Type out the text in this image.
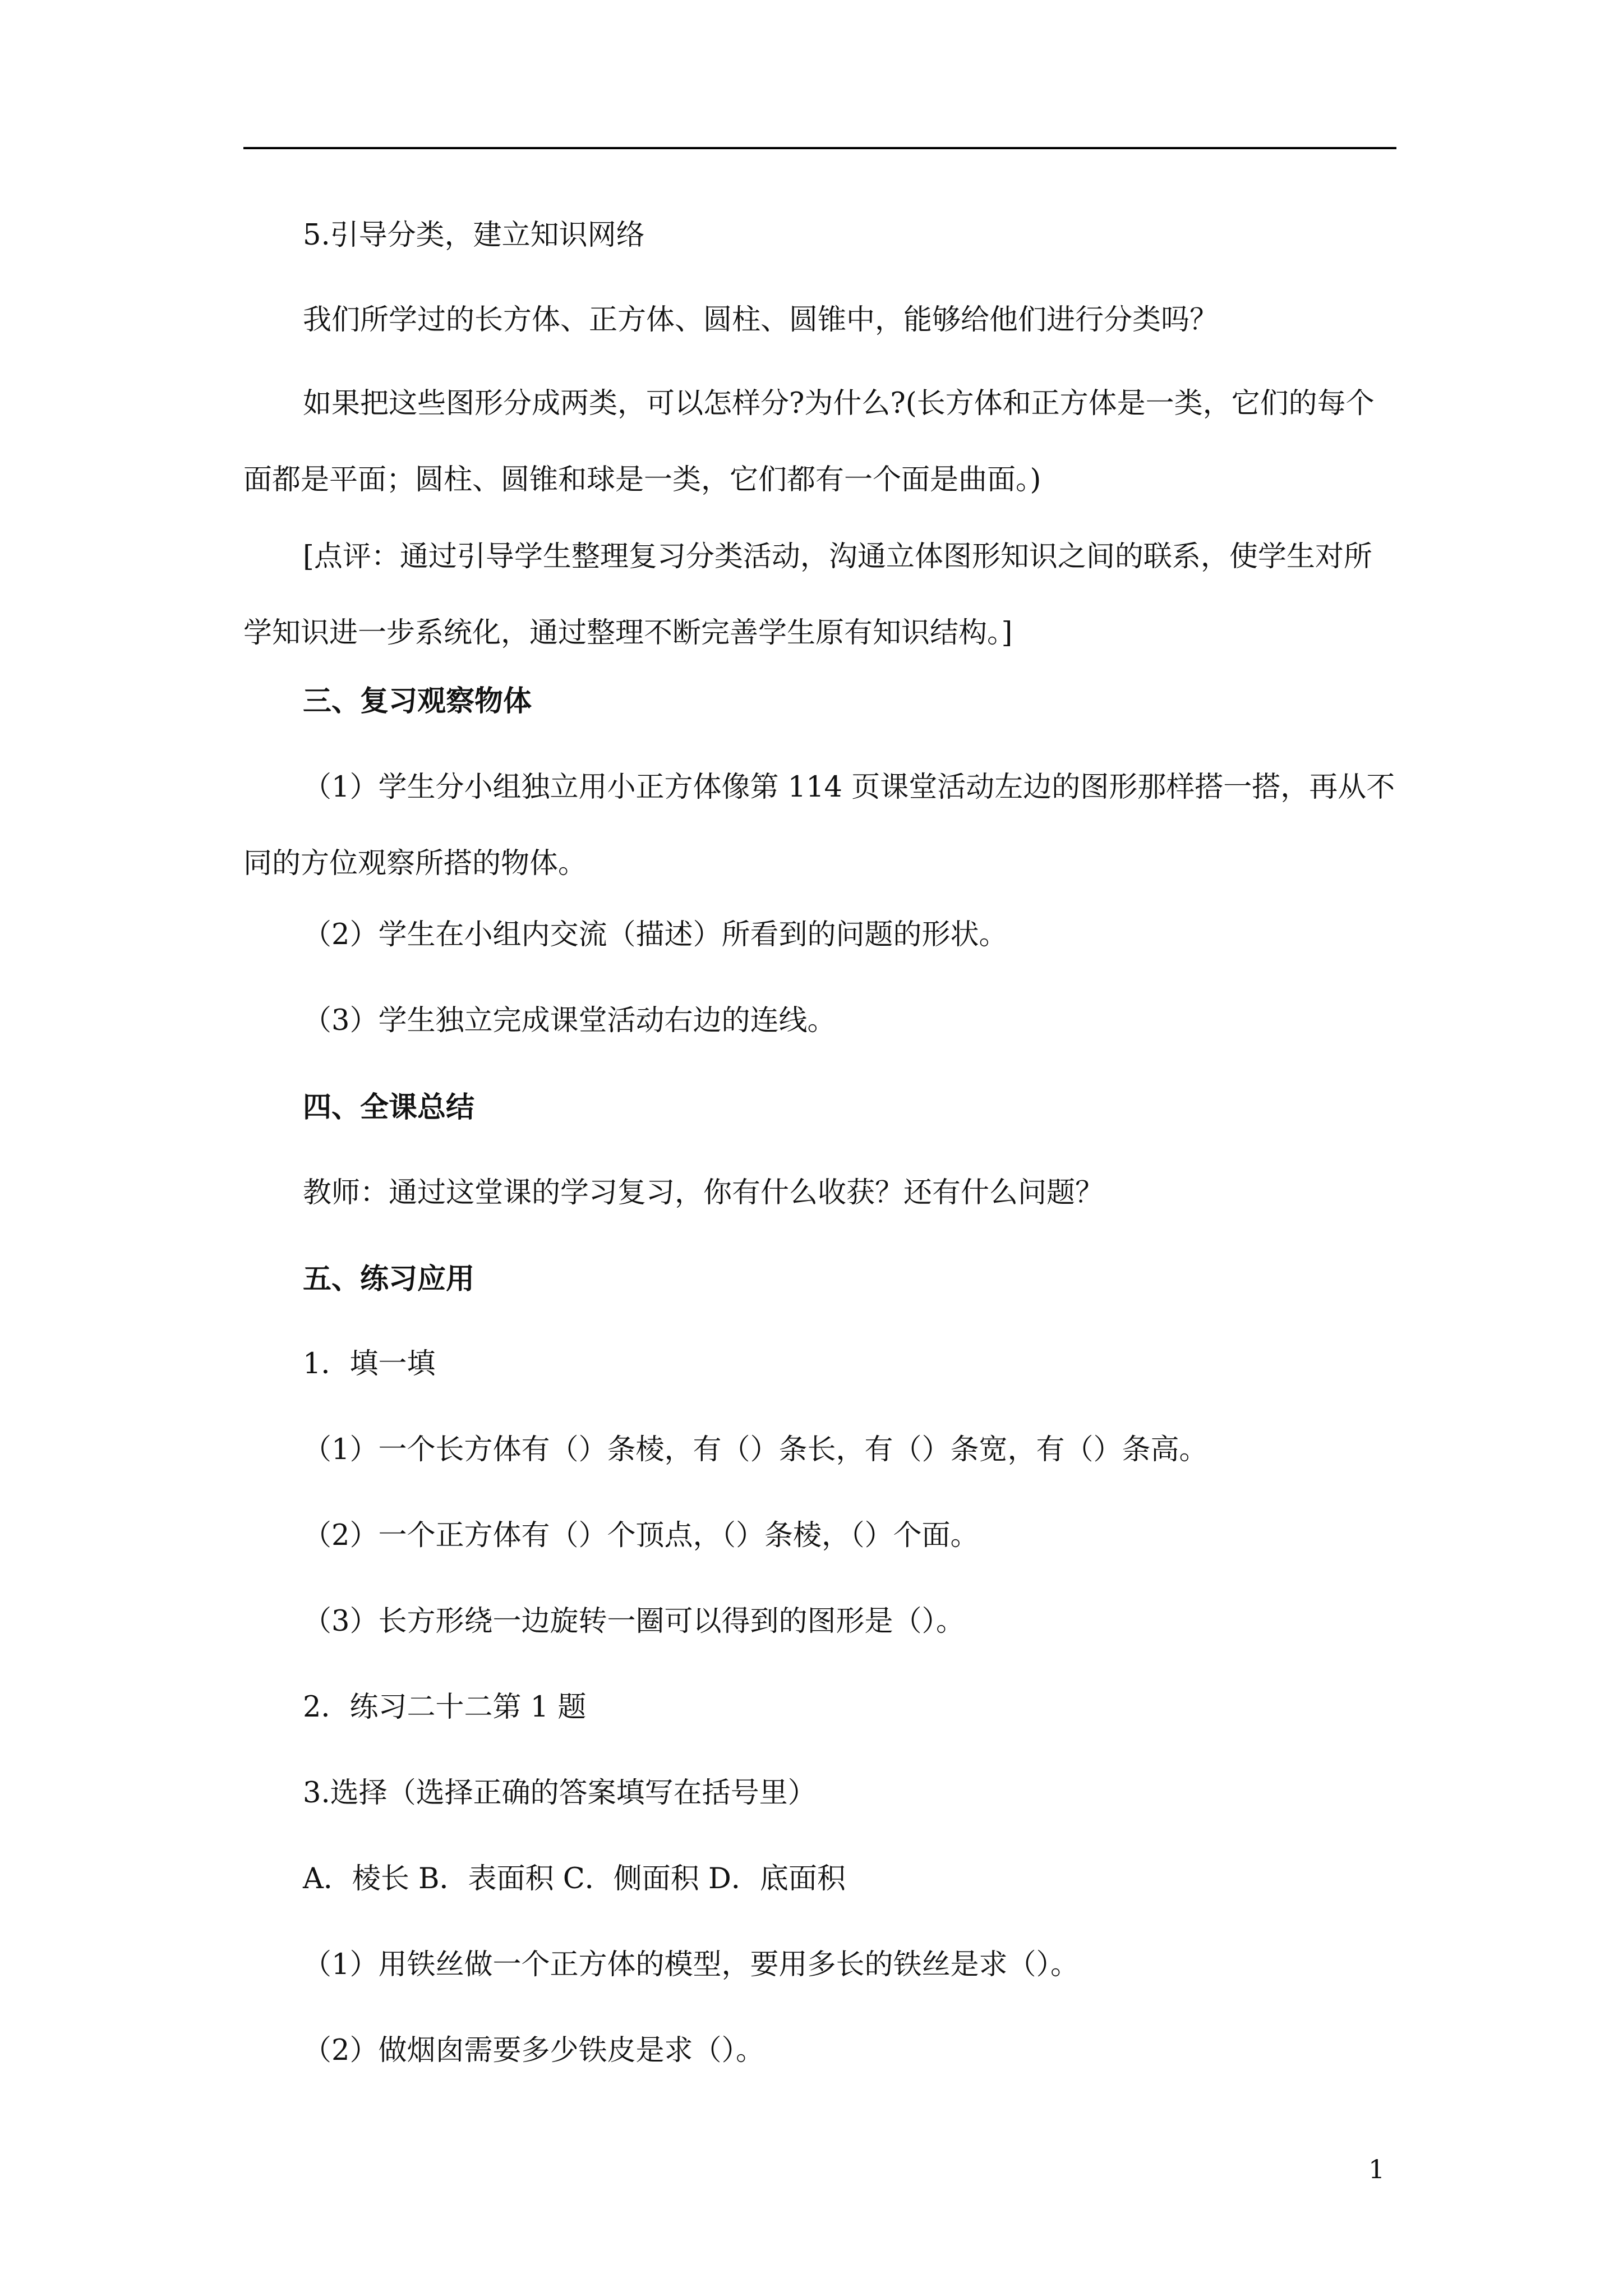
5.引导分类，建立知识网络
我们所学过的长方体、正方体、圆柱、圆锥中，能够给他们进行分类吗？
如果把这些图形分成两类，可以怎样分?为什么?(长方体和正方体是一类，它们的每个面都是平面；圆柱、圆锥和球是一类，它们都有一个面是曲面。)
[点评：通过引导学生整理复习分类活动，沟通立体图形知识之间的联系，使学生对所学知识进一步系统化，通过整理不断完善学生原有知识结构。]
三、复习观察物体
（1）学生分小组独立用小正方体像第 114 页课堂活动左边的图形那样搭一搭，再从不同的方位观察所搭的物体。
（2）学生在小组内交流（描述）所看到的问题的形状。
（3）学生独立完成课堂活动右边的连线。
四、全课总结
教师：通过这堂课的学习复习，你有什么收获？还有什么问题？
五、练习应用
1．填一填
（1）一个长方体有（）条棱，有（）条长，有（）条宽，有（）条高。
（2）一个正方体有（）个顶点，（）条棱，（）个面。
（3）长方形绕一边旋转一圈可以得到的图形是（）。
2．练习二十二第 1 题
3.选择（选择正确的答案填写在括号里）
A．棱长 B．表面积 C．侧面积 D．底面积
（1）用铁丝做一个正方体的模型，要用多长的铁丝是求（）。
（2）做烟囱需要多少铁皮是求（）。
1
